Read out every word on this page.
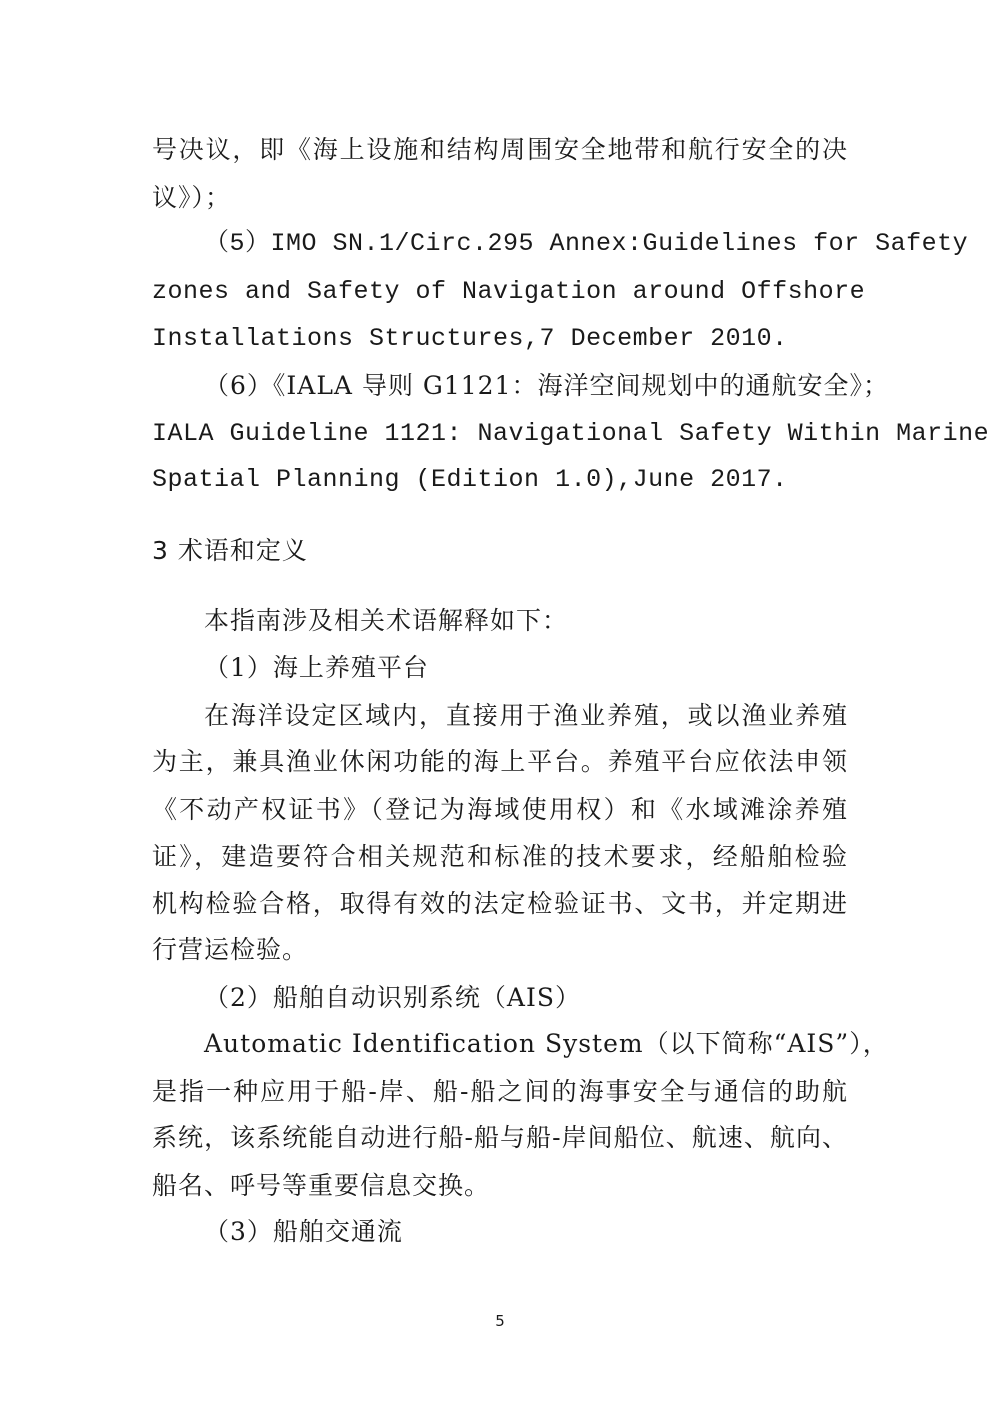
号决议，即《海上设施和结构周围安全地带和航行安全的决
议》）；
（5）IMO SN.1/Circ.295 Annex:Guidelines for Safety
zones and Safety of Navigation around Offshore
Installations Structures,7 December 2010.
（6）《IALA 导则 G1121：海洋空间规划中的通航安全》；
IALA Guideline 1121: Navigational Safety Within Marine
Spatial Planning (Edition 1.0),June 2017.
3 术语和定义
本指南涉及相关术语解释如下：
（1）海上养殖平台
在海洋设定区域内，直接用于渔业养殖，或以渔业养殖
为主，兼具渔业休闲功能的海上平台。养殖平台应依法申领
《不动产权证书》（登记为海域使用权）和《水域滩涂养殖
证》，建造要符合相关规范和标准的技术要求，经船舶检验
机构检验合格，取得有效的法定检验证书、文书，并定期进
行营运检验。
（2）船舶自动识别系统（AIS）
Automatic Identification System（以下简称“AIS”），
是指一种应用于船-岸、船-船之间的海事安全与通信的助航
系统，该系统能自动进行船-船与船-岸间船位、航速、航向、
船名、呼号等重要信息交换。
（3）船舶交通流
5
